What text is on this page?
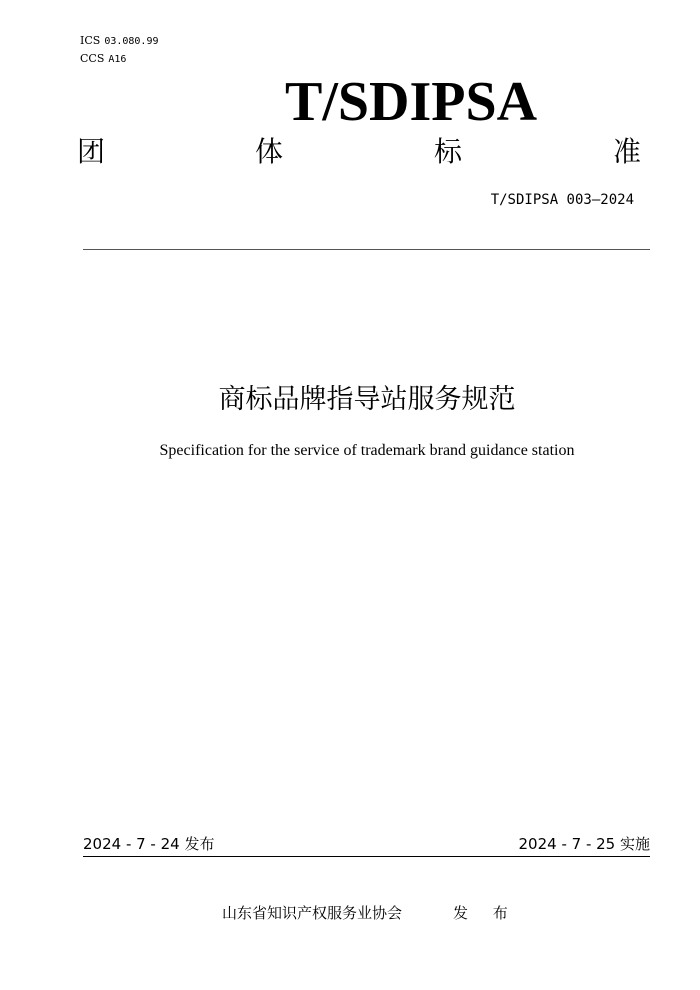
ICS 03.080.99
CCS A16
T/SDIPSA
团	体	标	准
T/SDIPSA 003—2024
商标品牌指导站服务规范
Specification for the service of trademark brand guidance station
2024 - 7 - 24 发布	2024 - 7 - 25 实施
山东省知识产权服务业协会	发 布
